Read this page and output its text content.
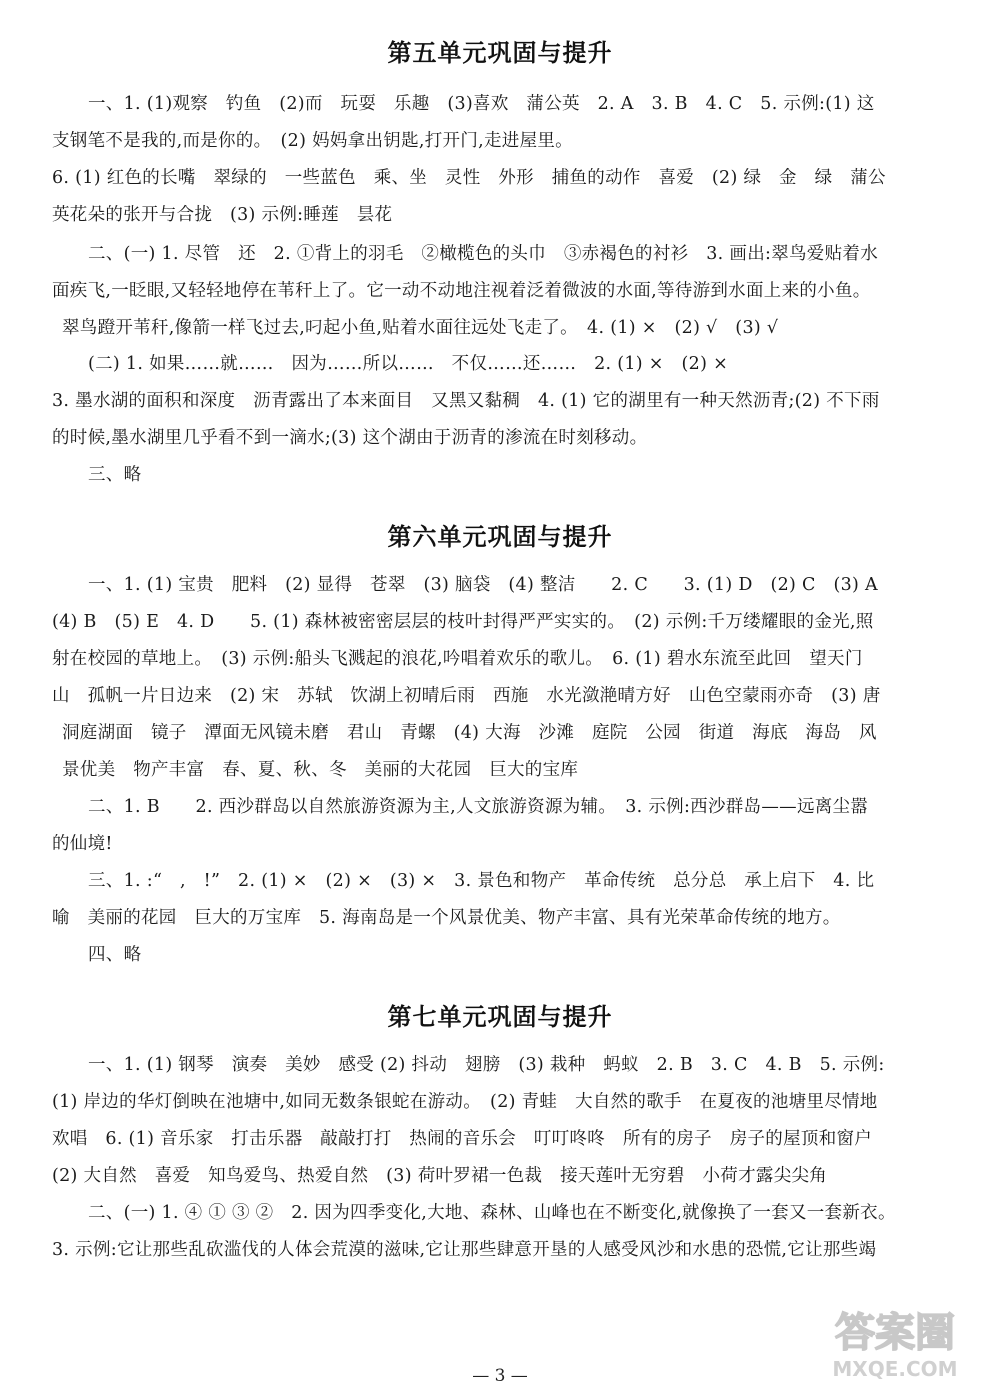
第五单元巩固与提升
一、1. (1)观察　钓鱼　(2)而　玩耍　乐趣　(3)喜欢　蒲公英　2. A　3. B　4. C　5. 示例:(1) 这
支钢笔不是我的,而是你的。　(2) 妈妈拿出钥匙,打开门,走进屋里。
6. (1) 红色的长嘴　翠绿的　一些蓝色　乘、坐　灵性　外形　捕鱼的动作　喜爱　(2) 绿　金　绿　蒲公
英花朵的张开与合拢　(3) 示例:睡莲　昙花
二、(一) 1. 尽管　还　2. ①背上的羽毛　②橄榄色的头巾　③赤褐色的衬衫　3. 画出:翠鸟爱贴着水
面疾飞,一眨眼,又轻轻地停在苇秆上了。它一动不动地注视着泛着微波的水面,等待游到水面上来的小鱼。
翠鸟蹬开苇秆,像箭一样飞过去,叼起小鱼,贴着水面往远处飞走了。　4. (1) ×　(2) √　(3) √
(二) 1. 如果……就……　因为……所以……　不仅……还……　2. (1) ×　(2) ×
3. 墨水湖的面积和深度　沥青露出了本来面目　又黑又黏稠　4. (1) 它的湖里有一种天然沥青;(2) 不下雨
的时候,墨水湖里几乎看不到一滴水;(3) 这个湖由于沥青的渗流在时刻移动。
三、略
第六单元巩固与提升
一、1. (1) 宝贵　肥料　(2) 显得　苍翠　(3) 脑袋　(4) 整洁　　2. C　　3. (1) D　(2) C　(3) A
(4) B　(5) E　4. D　　5. (1) 森林被密密层层的枝叶封得严严实实的。　(2) 示例:千万缕耀眼的金光,照
射在校园的草地上。　(3) 示例:船头飞溅起的浪花,吟唱着欢乐的歌儿。　6. (1) 碧水东流至此回　望天门
山　孤帆一片日边来　(2) 宋　苏轼　饮湖上初晴后雨　西施　水光潋滟晴方好　山色空蒙雨亦奇　(3) 唐
洞庭湖面　镜子　潭面无风镜未磨　君山　青螺　(4) 大海　沙滩　庭院　公园　街道　海底　海岛　风
景优美　物产丰富　春、夏、秋、冬　美丽的大花园　巨大的宝库
二、1. B　　2. 西沙群岛以自然旅游资源为主,人文旅游资源为辅。　3. 示例:西沙群岛——远离尘嚣
的仙境!
三、1. :“　,　!”　2. (1) ×　(2) ×　(3) ×　3. 景色和物产　革命传统　总分总　承上启下　4. 比
喻　美丽的花园　巨大的万宝库　5. 海南岛是一个风景优美、物产丰富、具有光荣革命传统的地方。
四、略
第七单元巩固与提升
一、1. (1) 钢琴　演奏　美妙　感受 (2) 抖动　翅膀　(3) 栽种　蚂蚁　2. B　3. C　4. B　5. 示例:
(1) 岸边的华灯倒映在池塘中,如同无数条银蛇在游动。　(2) 青蛙　大自然的歌手　在夏夜的池塘里尽情地
欢唱　6. (1) 音乐家　打击乐器　敲敲打打　热闹的音乐会　叮叮咚咚　所有的房子　房子的屋顶和窗户
(2) 大自然　喜爱　知鸟爱鸟、热爱自然　(3) 荷叶罗裙一色裁　接天莲叶无穷碧　小荷才露尖尖角
二、(一) 1. ④ ① ③ ②　2. 因为四季变化,大地、森林、山峰也在不断变化,就像换了一套又一套新衣。
3. 示例:它让那些乱砍滥伐的人体会荒漠的滋味,它让那些肆意开垦的人感受风沙和水患的恐慌,它让那些竭
答案圈
MXQE.COM
— 3 —
